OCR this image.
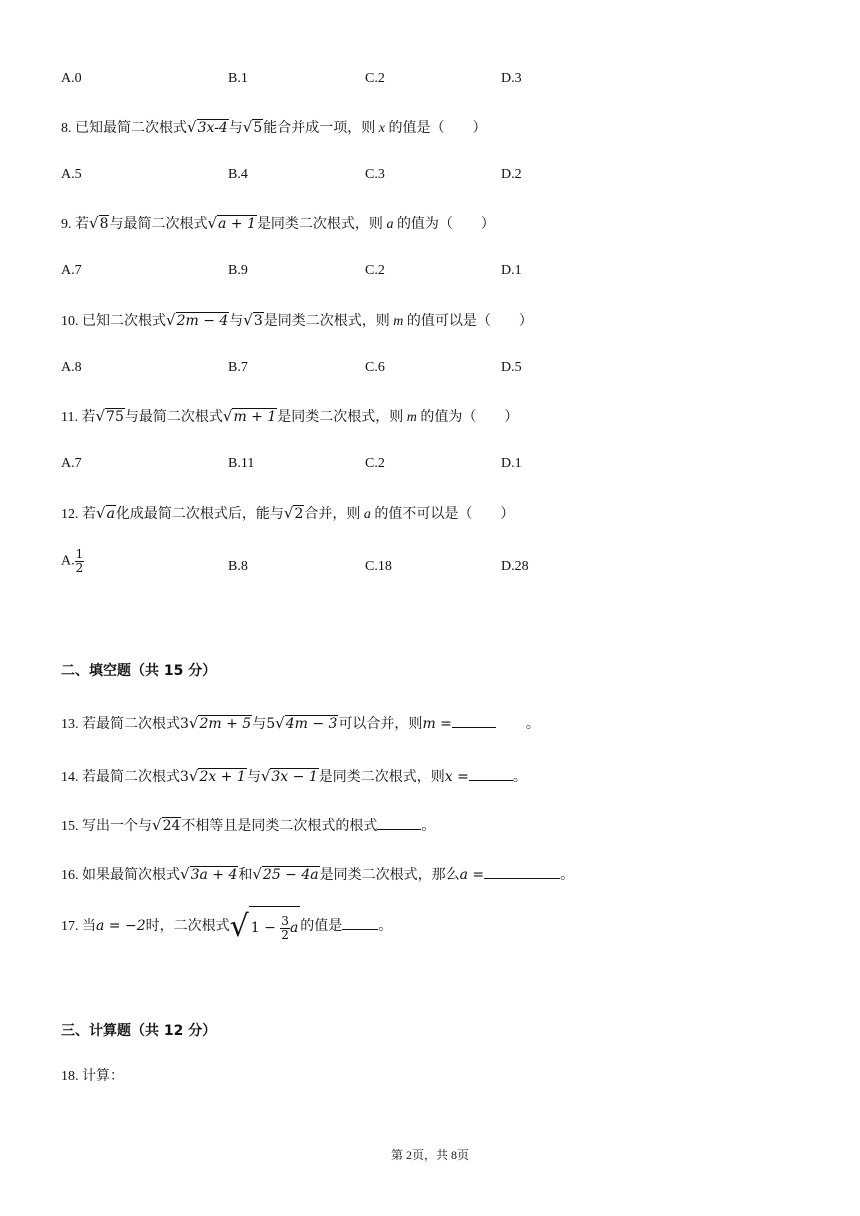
A.0	B.1	C.2	D.3
8. 已知最简二次根式√3x-4与√5能合并成一项，则 x 的值是（　　）
A.5	B.4	C.3	D.2
9. 若√8与最简二次根式√a + 1是同类二次根式，则 a 的值为（　　）
A.7	B.9	C.2	D.1
10. 已知二次根式√2m − 4与√3是同类二次根式，则 m 的值可以是（　　）
A.8	B.7	C.6	D.5
11. 若√75与最简二次根式√m + 1是同类二次根式，则 m 的值为（　　）
A.7	B.11	C.2	D.1
12. 若√a化成最简二次根式后，能与√2合并，则 a 的值不可以是（　　）
A. $\frac{1}{2}$	B.8	C.18	D.28
二、填空题（共 15 分）
13. 若最简二次根式3√2m + 5与5√4m − 3可以合并，则m =	。
14. 若最简二次根式3√2x + 1与√3x − 1是同类二次根式，则x =	。
15. 写出一个与√24不相等且是同类二次根式的根式	。
16. 如果最简次根式√3a + 4和√25 − 4a是同类二次根式，那么a =	。
17. 当a = −2时，二次根式 √ 1 −
$\frac{3}{2}$ a 的值是	。
三、计算题（共 12 分）
18. 计算：
第 2页，共 8页
